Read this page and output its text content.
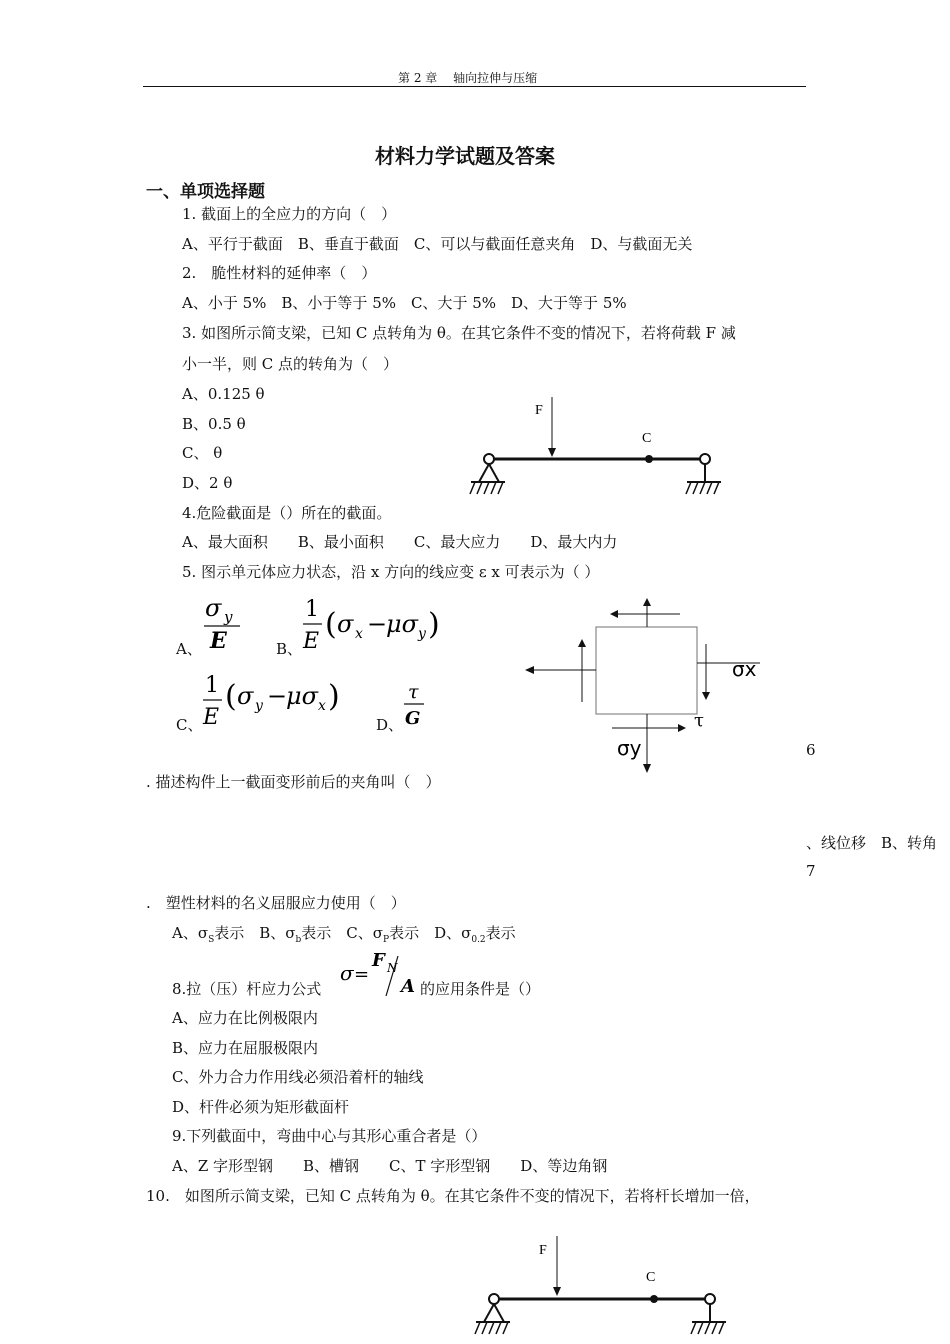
第 2 章　 轴向拉伸与压缩
材料力学试题及答案
一、单项选择题
1. 截面上的全应力的方向（　）
A、平行于截面　B、垂直于截面　C、可以与截面任意夹角　D、与截面无关
2.　脆性材料的延伸率（　）
A、小于 5%　B、小于等于 5%　C、大于 5%　D、大于等于 5%
3. 如图所示简支梁，已知 C 点转角为 θ。在其它条件不变的情况下，若将荷载 F 减
小一半，则 C 点的转角为（　）
A、0.125 θ
B、0.5 θ
C、 θ
D、2 θ
F
C
4.危险截面是（）所在的截面。
A、最大面积　　B、最小面积　　C、最大应力　　D、最大内力
5. 图示单元体应力状态，沿 x 方向的线应变 ε x 可表示为（ ）
A、
σ y
E	B、
1
E ( σ x −
μσ y )
C、
1
E
( σ y −
μσ x )
D、
τ
G
σx
τ
σy	6
. 描述构件上一截面变形前后的夹角叫（　）
、线位移　B、转角
7
.　塑性材料的名义屈服应力使用（　）
A、$\sigma_S$表示　B、$\sigma_b$表示　C、$\sigma_P$表示　D、$\sigma_{0.2}$表示
8.拉（压）杆应力公式
σ =
F N
A 的应用条件是（）
A、应力在比例极限内
B、应力在屈服极限内
C、外力合力作用线必须沿着杆的轴线
D、杆件必须为矩形截面杆
9.下列截面中，弯曲中心与其形心重合者是（）
A、Z 字形型钢　　B、槽钢　　C、T 字形型钢　　D、等边角钢
10.　如图所示简支梁，已知 C 点转角为 θ。在其它条件不变的情况下，若将杆长增加一倍，
F
C
